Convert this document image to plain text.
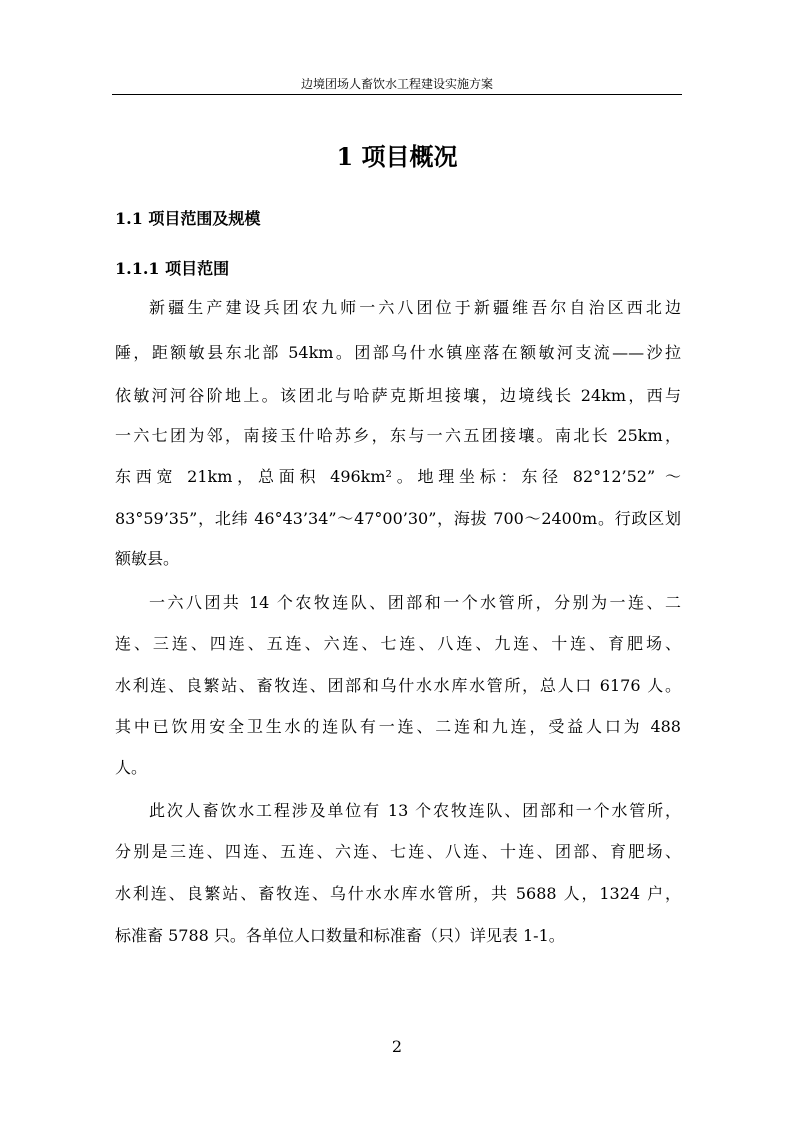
边境团场人畜饮水工程建设实施方案
1 项目概况
1.1 项目范围及规模
1.1.1 项目范围
新疆生产建设兵团农九师一六八团位于新疆维吾尔自治区西北边
陲，距额敏县东北部 54km。团部乌什水镇座落在额敏河支流——沙拉
依敏河河谷阶地上。该团北与哈萨克斯坦接壤，边境线长 24km，西与
一六七团为邻，南接玉什哈苏乡，东与一六五团接壤。南北长 25km，
东西宽 21km，总面积 496km²。地理坐标：东径 82°12’52” ～
83°59’35”，北纬 46°43’34”～47°00’30”，海拔 700～2400m。行政区划
额敏县。
一六八团共 14 个农牧连队、团部和一个水管所，分别为一连、二
连、三连、四连、五连、六连、七连、八连、九连、十连、育肥场、
水利连、良繁站、畜牧连、团部和乌什水水库水管所，总人口 6176 人。
其中已饮用安全卫生水的连队有一连、二连和九连，受益人口为 488
人。
此次人畜饮水工程涉及单位有 13 个农牧连队、团部和一个水管所，
分别是三连、四连、五连、六连、七连、八连、十连、团部、育肥场、
水利连、良繁站、畜牧连、乌什水水库水管所，共 5688 人，1324 户，
标准畜 5788 只。各单位人口数量和标准畜（只）详见表 1-1。
2
